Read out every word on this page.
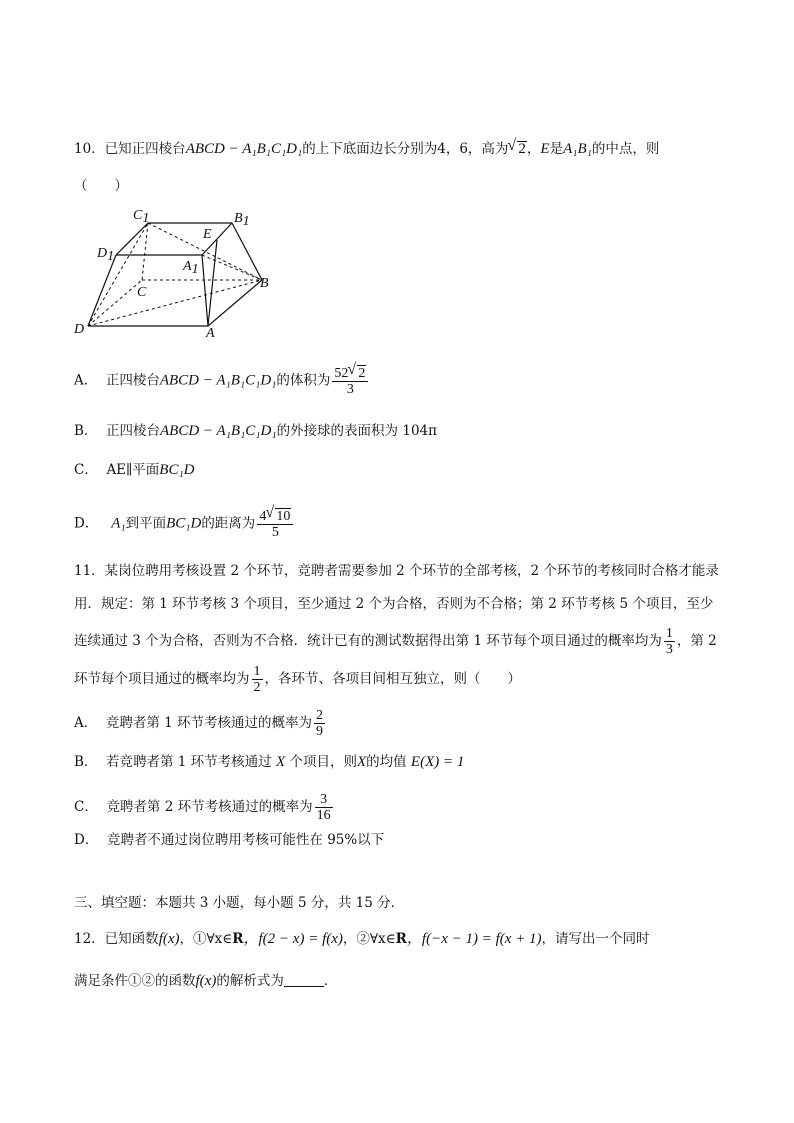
10．已知正四棱台ABCD − A₁B₁C₁D₁的上下底面边长分别为4，6，高为 √ 2，E是A₁B₁的中点，则
（　　）
C1	B1
D1
E
A1
C
B
D	A
A． 正四棱台ABCD − A₁B₁C₁D₁的体积为 $\frac{52 √ 2}{3}$
B． 正四棱台ABCD − A₁B₁C₁D₁的外接球的表面积为 104π
C． AE∥平面BC₁D
D． A₁到平面BC₁D的距离为 $\frac{4 √ 10}{5}$
11．某岗位聘用考核设置 2 个环节，竞聘者需要参加 2 个环节的全部考核，2 个环节的考核同时合格才能录
用．规定：第 1 环节考核 3 个项目，至少通过 2 个为合格，否则为不合格；第 2 环节考核 5 个项目，至少
连续通过 3 个为合格，否则为不合格．统计已有的测试数据得出第 1 环节每个项目通过的概率均为 $\frac{1}{3}$ ，第 2
环节每个项目通过的概率均为 $\frac{1}{2}$ ，各环节、各项目间相互独立，则（　　）
A． 竞聘者第 1 环节考核通过的概率为 $\frac{2}{9}$
B． 若竞聘者第 1 环节考核通过 X 个项目，则X的均值 E(X) = 1
C． 竞聘者第 2 环节考核通过的概率为 $\frac{3}{16}$
D． 竞聘者不通过岗位聘用考核可能性在 95%以下
三、填空题：本题共 3 小题，每小题 5 分，共 15 分．
12．已知函数f(x)，①∀x∈R，f(2 − x) = f(x)，②∀x∈R，f(−x − 1) = f(x + 1)，请写出一个同时
满足条件①②的函数f(x)的解析式为	．
